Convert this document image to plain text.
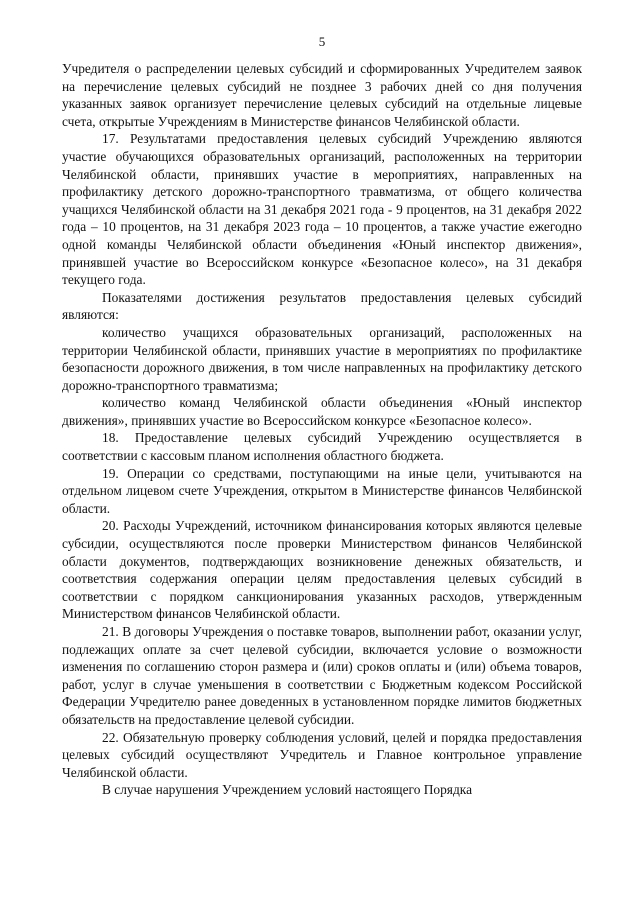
5

Учредителя о распределении целевых субсидий и сформированных Учредителем заявок на перечисление целевых субсидий не позднее 3 рабочих дней со дня получения указанных заявок организует перечисление целевых субсидий на отдельные лицевые счета, открытые Учреждениям в Министерстве финансов Челябинской области.

17. Результатами предоставления целевых субсидий Учреждению являются участие обучающихся образовательных организаций, расположенных на территории Челябинской области, принявших участие в мероприятиях, направленных на профилактику детского дорожно-транспортного травматизма, от общего количества учащихся Челябинской области на 31 декабря 2021 года - 9 процентов, на 31 декабря 2022 года – 10 процентов, на 31 декабря 2023 года – 10 процентов, а также участие ежегодно одной команды Челябинской области объединения «Юный инспектор движения», принявшей участие во Всероссийском конкурсе «Безопасное колесо», на 31 декабря текущего года.

Показателями достижения результатов предоставления целевых субсидий являются:

количество учащихся образовательных организаций, расположенных на территории Челябинской области, принявших участие в мероприятиях по профилактике безопасности дорожного движения, в том числе направленных на профилактику детского дорожно-транспортного травматизма;

количество команд Челябинской области объединения «Юный инспектор движения», принявших участие во Всероссийском конкурсе «Безопасное колесо».

18. Предоставление целевых субсидий Учреждению осуществляется в соответствии с кассовым планом исполнения областного бюджета.

19. Операции со средствами, поступающими на иные цели, учитываются на отдельном лицевом счете Учреждения, открытом в Министерстве финансов Челябинской области.

20. Расходы Учреждений, источником финансирования которых являются целевые субсидии, осуществляются после проверки Министерством финансов Челябинской области документов, подтверждающих возникновение денежных обязательств, и соответствия содержания операции целям предоставления целевых субсидий в соответствии с порядком санкционирования указанных расходов, утвержденным Министерством финансов Челябинской области.

21. В договоры Учреждения о поставке товаров, выполнении работ, оказании услуг, подлежащих оплате за счет целевой субсидии, включается условие о возможности изменения по соглашению сторон размера и (или) сроков оплаты и (или) объема товаров, работ, услуг в случае уменьшения в соответствии с Бюджетным кодексом Российской Федерации Учредителю ранее доведенных в установленном порядке лимитов бюджетных обязательств на предоставление целевой субсидии.

22. Обязательную проверку соблюдения условий, целей и порядка предоставления целевых субсидий осуществляют Учредитель и Главное контрольное управление Челябинской области.

В случае нарушения Учреждением условий настоящего Порядка
